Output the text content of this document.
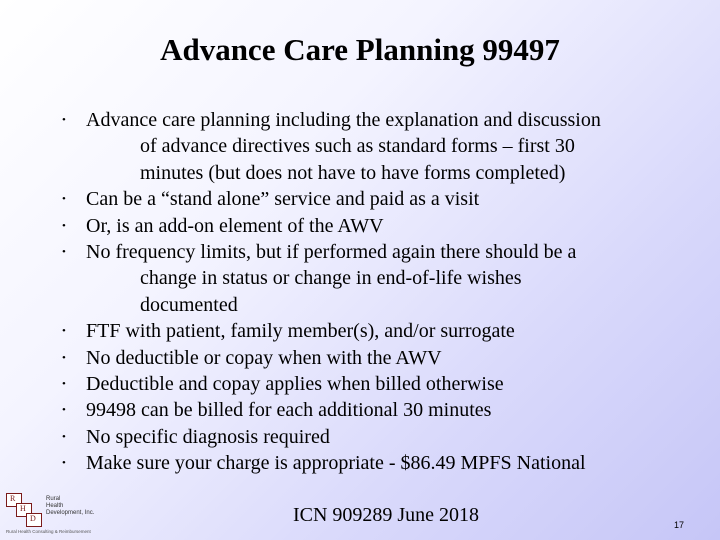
Advance Care Planning 99497
• Advance care planning including the explanation and discussion
of advance directives such as standard forms – first 30
minutes (but does not have to have forms completed)
• Can be a “stand alone” service and paid as a visit
• Or, is an add-on element of the AWV
• No frequency limits, but if performed again there should be a
change in status or change in end-of-life wishes
documented
• FTF with patient, family member(s), and/or surrogate
• No deductible or copay when with the AWV
• Deductible and copay applies when billed otherwise
• 99498 can be billed for each additional 30 minutes
• No specific diagnosis required
• Make sure your charge is appropriate - $86.49 MPFS National
R
H
D
Rural
Health
Development, Inc.
Rural Health Consulting & Reimbursement
ICN 909289 June 2018	17
